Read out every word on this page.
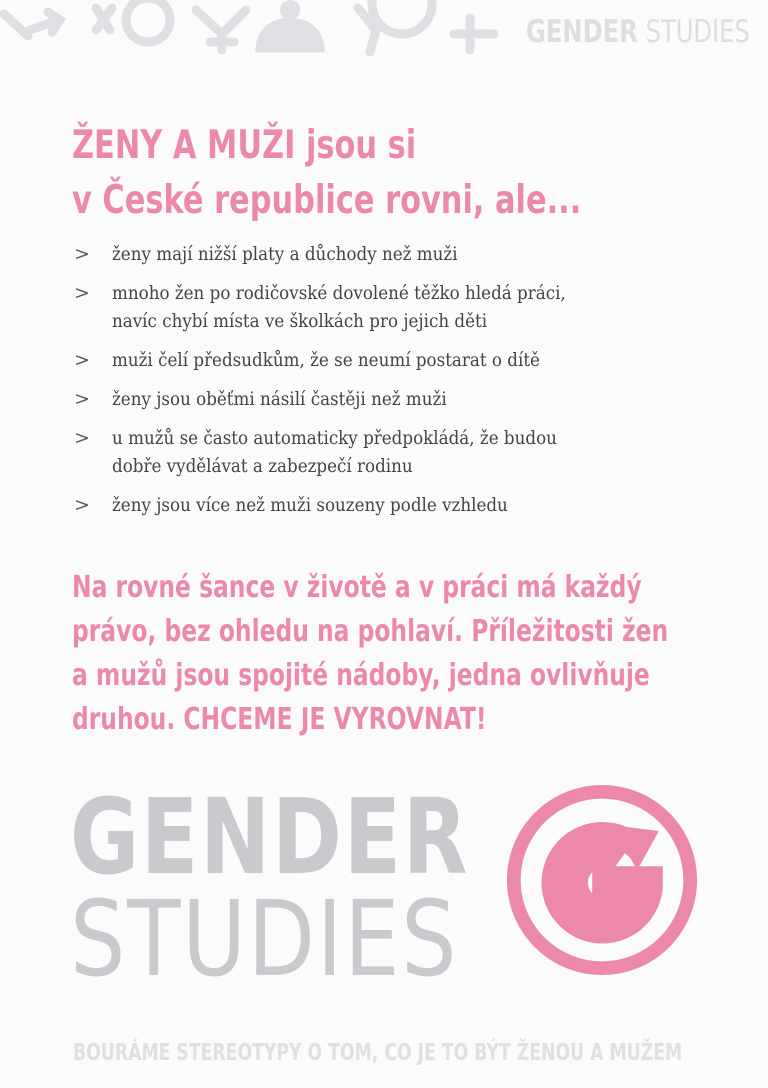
GENDER STUDIES
ŽENY A MUŽI jsou si
v České republice rovni, ale...
> ženy mají nižší platy a důchody než muži
> mnoho žen po rodičovské dovolené těžko hledá práci,
navíc chybí místa ve školkách pro jejich děti
> muži čelí předsudkům, že se neumí postarat o dítě
> ženy jsou oběťmi násilí častěji než muži
> u mužů se často automaticky předpokládá, že budou
dobře vydělávat a zabezpečí rodinu
> ženy jsou více než muži souzeny podle vzhledu

Na rovné šance v životě a v práci má každý
právo, bez ohledu na pohlaví. Příležitosti žen
a mužů jsou spojité nádoby, jedna ovlivňuje
druhou. CHCEME JE VYROVNAT!

GENDER
STUDIES
BOURÁME STEREOTYPY O TOM, CO JE TO BÝT ŽENOU A MUŽEM
